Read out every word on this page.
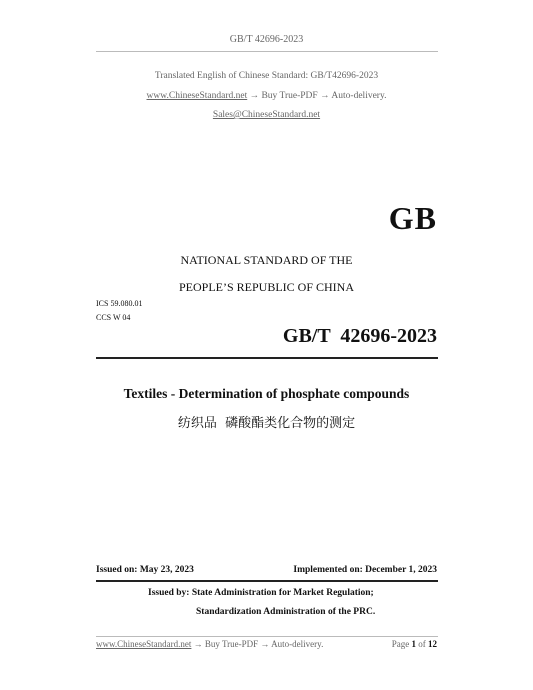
GB/T 42696-2023
Translated English of Chinese Standard: GB/T42696-2023
www.ChineseStandard.net → Buy True-PDF → Auto-delivery.
Sales@ChineseStandard.net
GB
NATIONAL STANDARD OF THE
PEOPLE’S REPUBLIC OF CHINA
ICS 59.080.01
CCS W 04
GB/T  42696-2023
Textiles - Determination of phosphate compounds
纺织品  磷酸酯类化合物的测定
Issued on: May 23, 2023	Implemented on: December 1, 2023
Issued by: State Administration for Market Regulation;
Standardization Administration of the PRC.
www.ChineseStandard.net → Buy True-PDF → Auto-delivery.	Page 1 of 12
